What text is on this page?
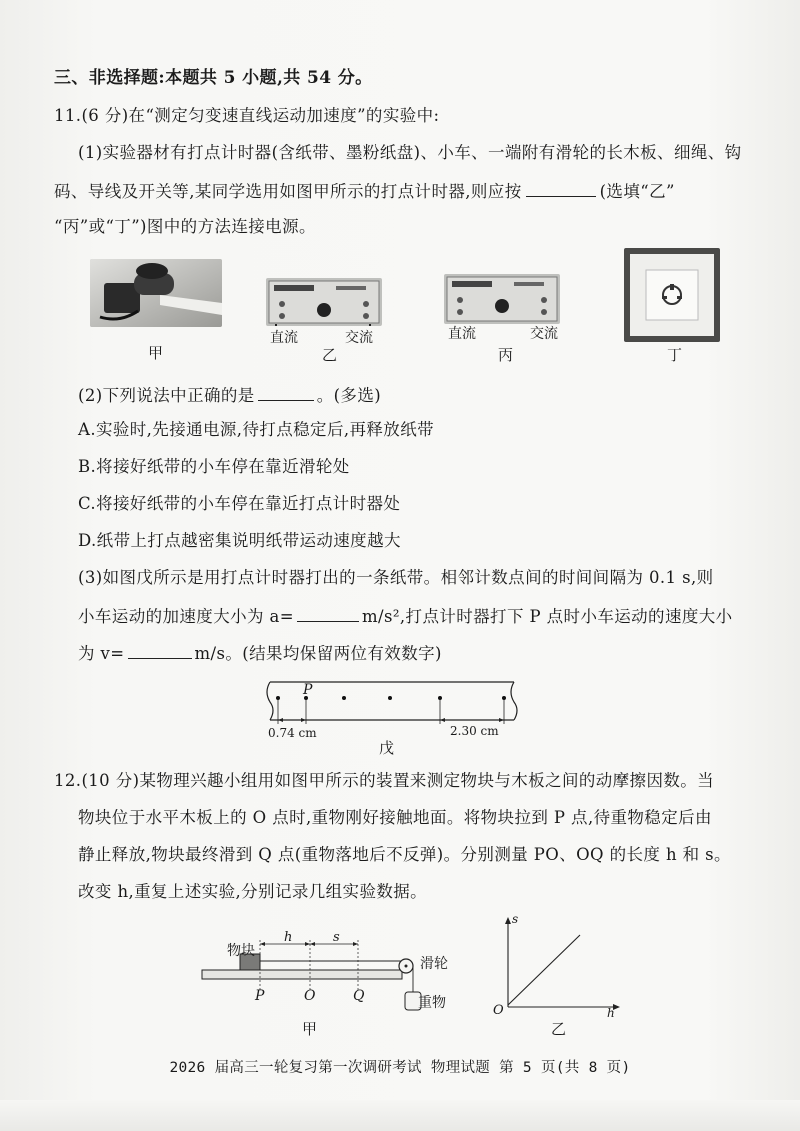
三、非选择题:本题共 5 小题,共 54 分。
11.(6 分)在“测定匀变速直线运动加速度”的实验中:
(1)实验器材有打点计时器(含纸带、墨粉纸盘)、小车、一端附有滑轮的长木板、细绳、钩
码、导线及开关等,某同学选用如图甲所示的打点计时器,则应按	(选填“乙”
“丙”或“丁”)图中的方法连接电源。
甲
直流	交流
乙
直流	交流
丙	丁
(2)下列说法中正确的是	。(多选)
A.实验时,先接通电源,待打点稳定后,再释放纸带
B.将接好纸带的小车停在靠近滑轮处
C.将接好纸带的小车停在靠近打点计时器处
D.纸带上打点越密集说明纸带运动速度越大
(3)如图戊所示是用打点计时器打出的一条纸带。相邻计数点间的时间间隔为 0.1 s,则
小车运动的加速度大小为 a=	m/s²,打点计时器打下 P 点时小车运动的速度大小
为 v=	m/s。(结果均保留两位有效数字)
P
0.74 cm	2.30 cm
戊
12.(10 分)某物理兴趣小组用如图甲所示的装置来测定物块与木板之间的动摩擦因数。当
物块位于水平木板上的 O 点时,重物刚好接触地面。将物块拉到 P 点,待重物稳定后由
静止释放,物块最终滑到 Q 点(重物落地后不反弹)。分别测量 PO、OQ 的长度 h 和 s。
改变 h,重复上述实验,分别记录几组实验数据。
物块
h	s
滑轮
重物
P	O	Q
甲
s
h
O
乙
2026 届高三一轮复习第一次调研考试 物理试题 第 5 页(共 8 页)
